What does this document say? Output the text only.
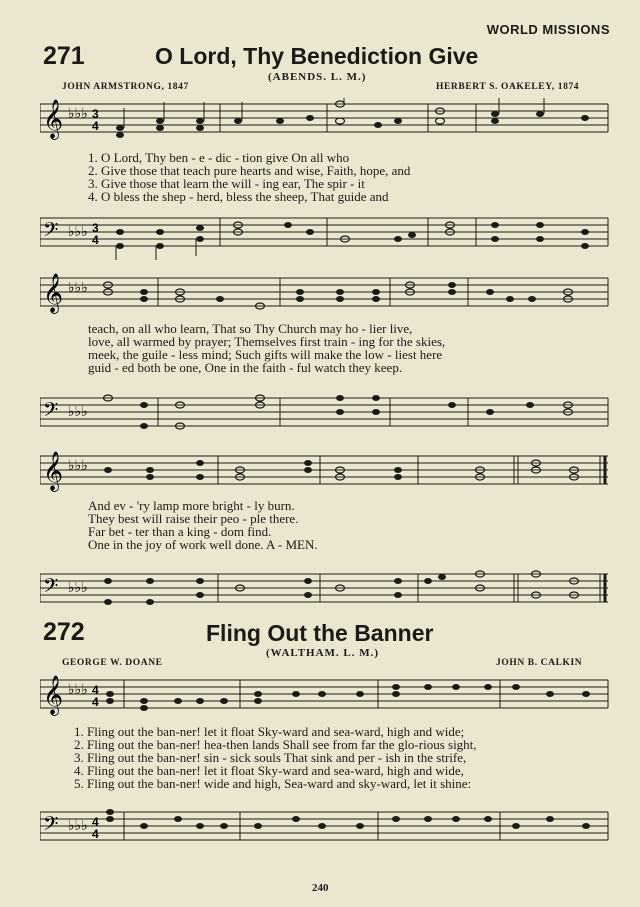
WORLD MISSIONS
271	O Lord, Thy Benediction Give
(ABENDS. L. M.)
JOHN ARMSTRONG, 1847	HERBERT S. OAKELEY, 1874
𝄞 ♭♭♭ 3
4
1. O Lord, Thy ben - e - dic - tion give On all who
2. Give those that teach pure hearts and wise, Faith, hope, and
3. Give those that learn the will - ing ear, The spir - it
4. O bless the shep - herd, bless the sheep, That guide and
𝄢 ♭♭♭ 3
4
𝄞 ♭♭♭
teach, on all who learn, That so Thy Church may ho - lier live,
love, all warmed by prayer; Themselves first train - ing for the skies,
meek, the guile - less mind; Such gifts will make the low - liest here
guid - ed both be one, One in the faith - ful watch they keep.
𝄢 ♭♭♭
𝄞 ♭♭♭
And ev - 'ry lamp more bright - ly burn.
They best will raise their peo - ple there.
Far bet - ter than a king - dom find.
One in the joy of work well done. A - MEN.
𝄢 ♭♭♭
272	Fling Out the Banner
(WALTHAM. L. M.)
GEORGE W. DOANE	JOHN B. CALKIN
𝄞 ♭♭♭ 4
4
1. Fling out the ban-ner! let it float Sky-ward and sea-ward, high and wide;
2. Fling out the ban-ner! hea-then lands Shall see from far the glo-rious sight,
3. Fling out the ban-ner! sin - sick souls That sink and per - ish in the strife,
4. Fling out the ban-ner! let it float Sky-ward and sea-ward, high and wide,
5. Fling out the ban-ner! wide and high, Sea-ward and sky-ward, let it shine:
𝄢 ♭♭♭ 4
4
240
